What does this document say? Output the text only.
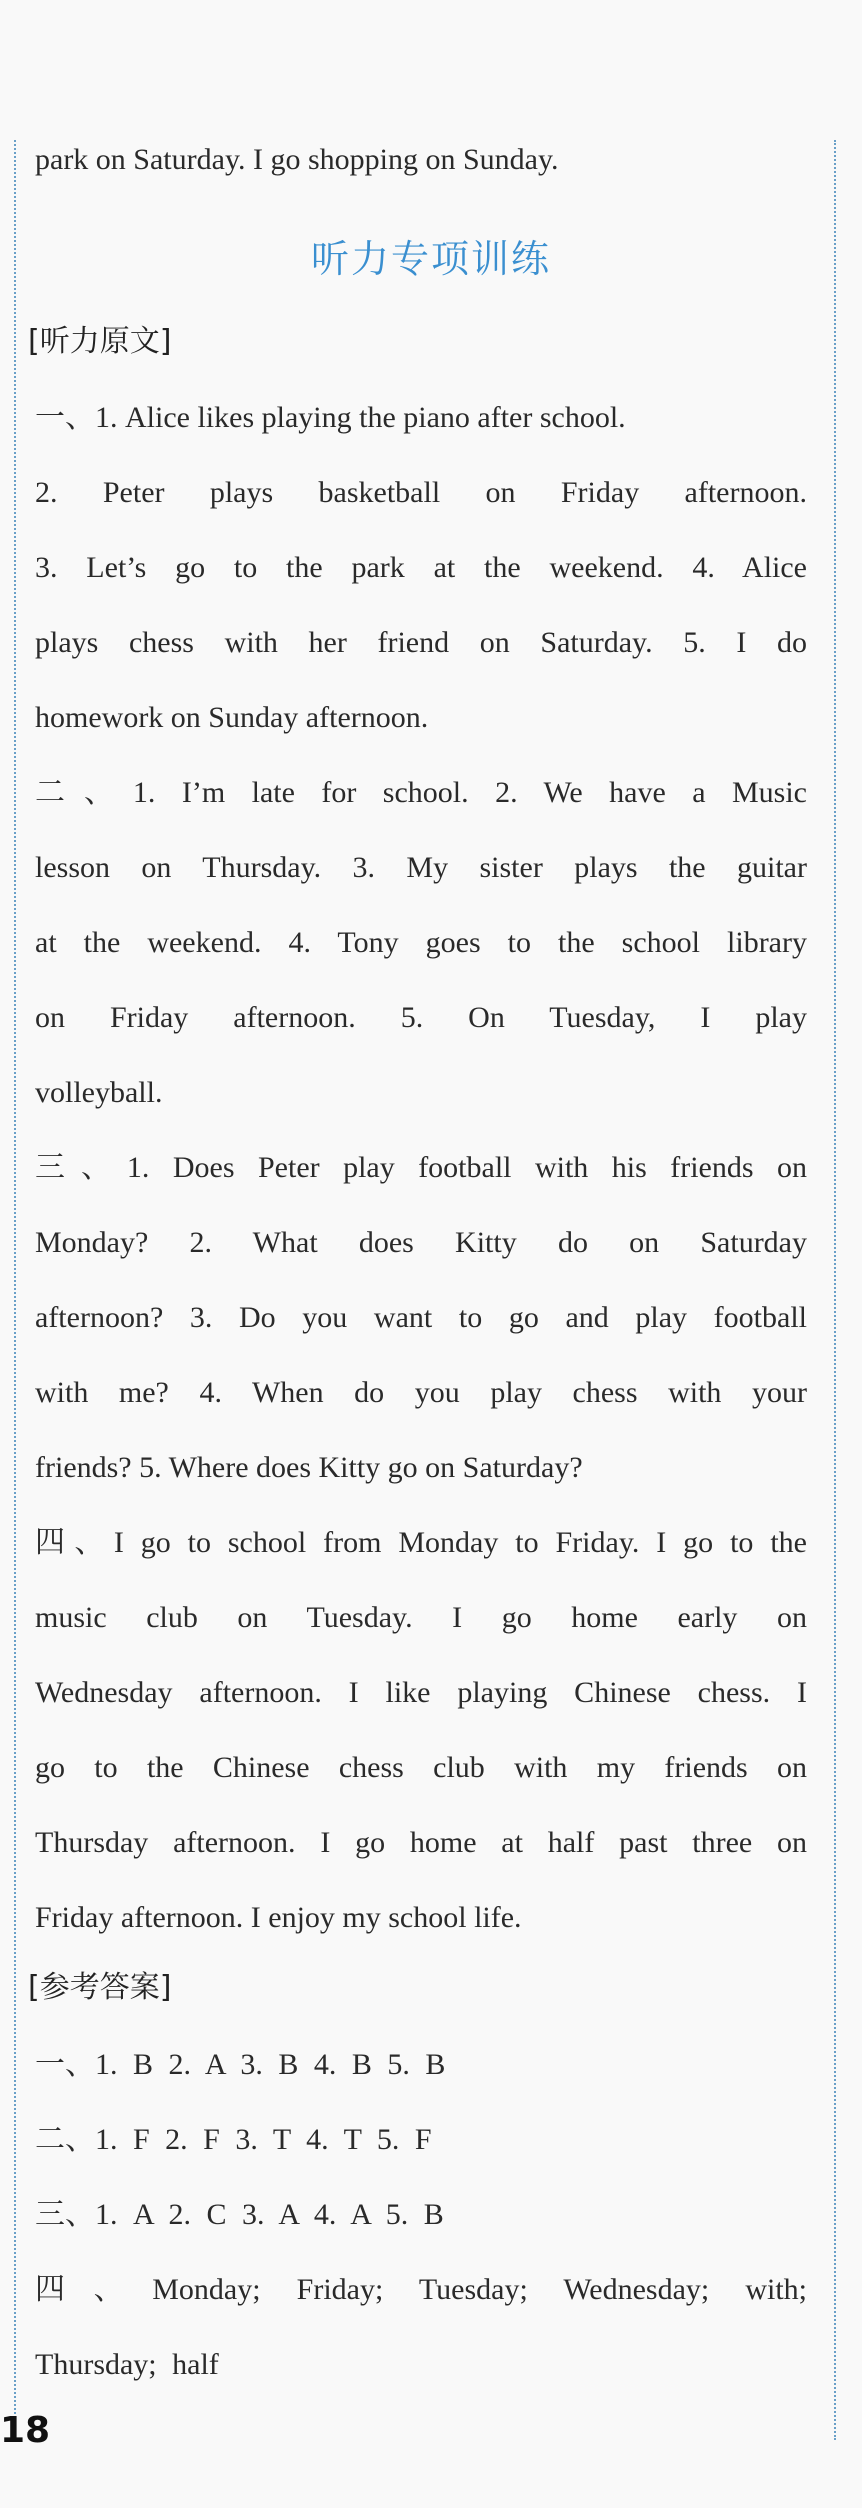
park on Saturday. I go shopping on Sunday.
听力专项训练
[听力原文]
一、1. Alice likes playing the piano after school.
2. Peter plays basketball on Friday afternoon.
3. Let’s go to the park at the weekend. 4. Alice
plays chess with her friend on Saturday. 5. I do
homework on Sunday afternoon.
二、1. I’m late for school. 2. We have a Music
lesson on Thursday. 3. My sister plays the guitar
at the weekend. 4. Tony goes to the school library
on Friday afternoon. 5. On Tuesday, I play
volleyball.
三、1. Does Peter play football with his friends on
Monday? 2. What does Kitty do on Saturday
afternoon? 3. Do you want to go and play football
with me? 4. When do you play chess with your
friends? 5. Where does Kitty go on Saturday?
四、I go to school from Monday to Friday. I go to the
music club on Tuesday. I go home early on
Wednesday afternoon. I like playing Chinese chess. I
go to the Chinese chess club with my friends on
Thursday afternoon. I go home at half past three on
Friday afternoon. I enjoy my school life.
[参考答案]
一、1. B 2. A 3. B 4. B 5. B
二、1. F 2. F 3. T 4. T 5. F
三、1. A 2. C 3. A 4. A 5. B
四、Monday; Friday; Tuesday; Wednesday; with;
Thursday; half
18
